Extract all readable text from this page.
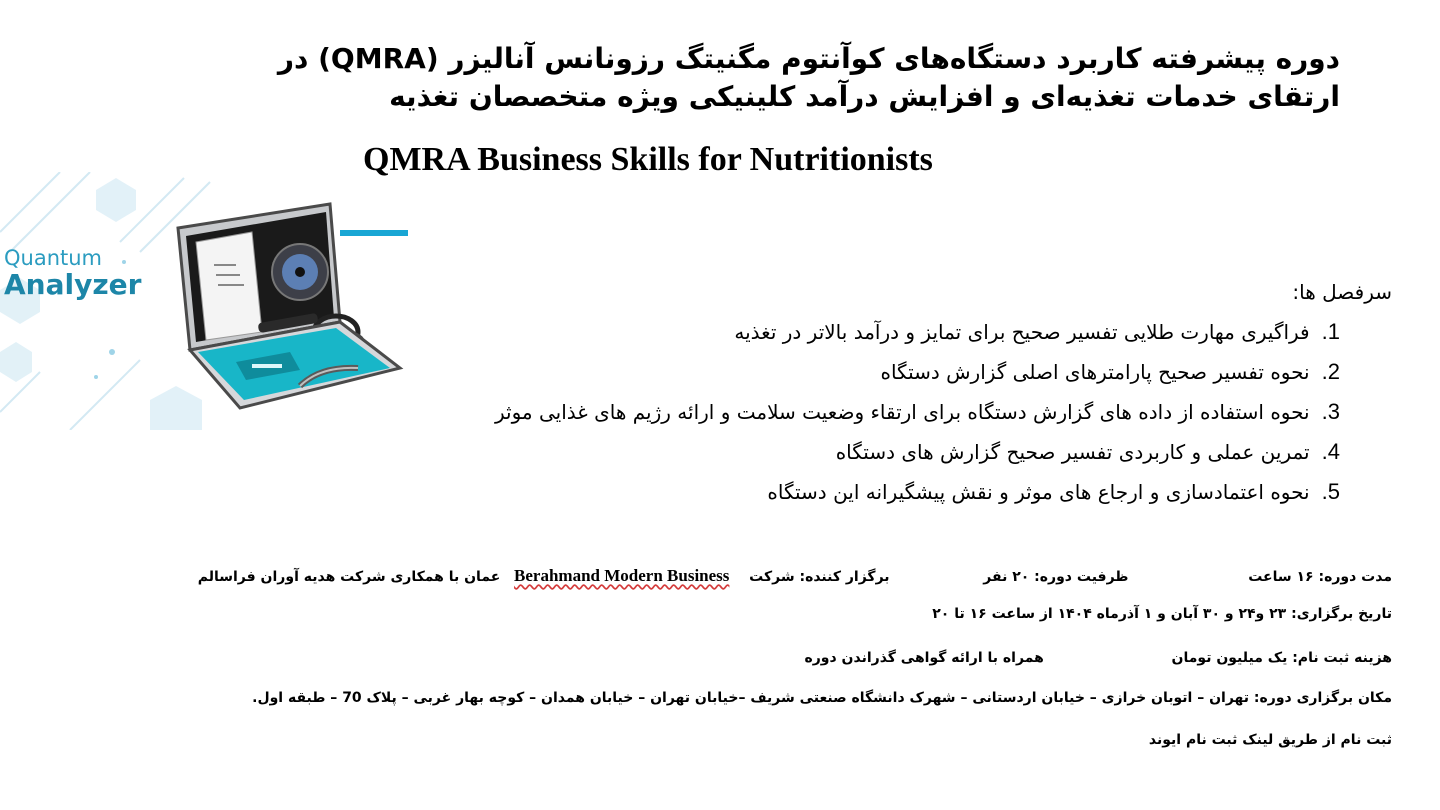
دوره پیشرفته کاربرد دستگاه‌های کوآنتوم مگنیتگ رزونانس آنالیزر (QMRA) در

ارتقای خدمات تغذیه‌ای و افزایش درآمد کلینیکی ویژه متخصصان تغذیه

QMRA Business Skills for Nutritionists
Quantum
Analyzer	سرفصل ها:
1.فراگیری مهارت طلایی تفسیر صحیح برای تمایز و درآمد بالاتر در تغذیه
2.نحوه تفسیر صحیح پارامترهای اصلی گزارش دستگاه
3.نحوه استفاده از داده های گزارش دستگاه برای ارتقاء وضعیت سلامت و ارائه رژیم های غذایی موثر
4.تمرین عملی و کاربردی تفسیر صحیح گزارش های دستگاه
5.نحوه اعتمادسازی و ارجاع های موثر و نقش پیشگیرانه این دستگاه
مدت دوره: ۱۶ ساعت  ظرفیت دوره: ۲۰ نفر  برگزار کننده: شرکت  Berahmand Modern Business  عمان با همکاری شرکت هدیه آوران فراسالم
تاریخ برگزاری: ۲۳ و۲۴ و ۳۰ آبان و ۱ آذرماه ۱۴۰۴ از ساعت ۱۶ تا ۲۰
هزینه ثبت نام: یک میلیون تومان  همراه با ارائه گواهی گذراندن دوره
مکان برگزاری دوره: تهران – اتوبان خرازی – خیابان اردستانی – شهرک دانشگاه صنعتی شریف –خیابان تهران – خیابان همدان – کوچه بهار غربی – پلاک 70 – طبقه اول.
ثبت نام از طریق لینک ثبت نام ایوند
